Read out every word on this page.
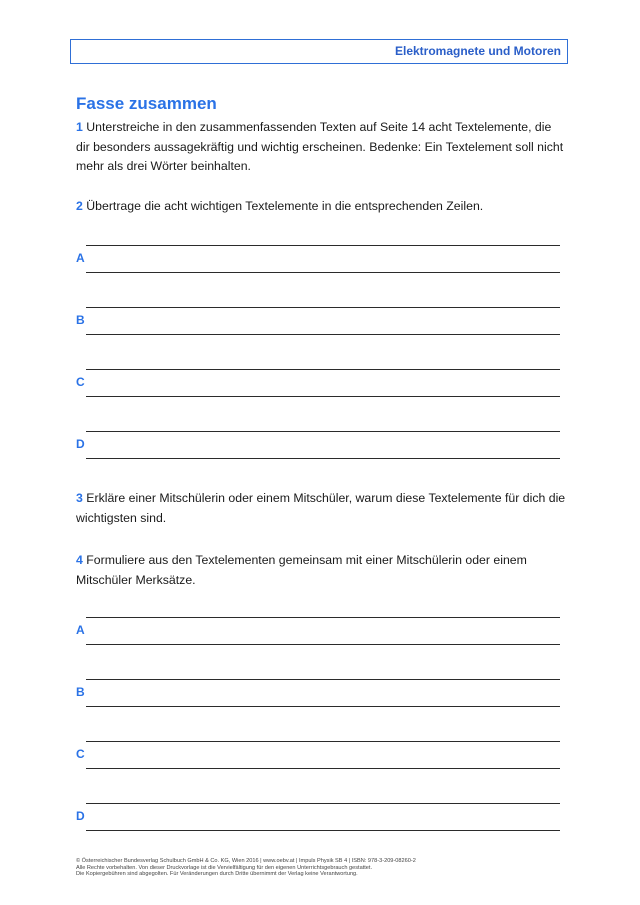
Elektromagnete und Motoren
Fasse zusammen
1 Unterstreiche in den zusammenfassenden Texten auf Seite 14 acht Textelemente, die dir besonders aussagekräftig und wichtig erscheinen. Bedenke: Ein Textelement soll nicht mehr als drei Wörter beinhalten.
2 Übertrage die acht wichtigen Textelemente in die entsprechenden Zeilen.
A
B
C
D
3 Erkläre einer Mitschülerin oder einem Mitschüler, warum diese Textelemente für dich die wichtigsten sind.
4 Formuliere aus den Textelementen gemeinsam mit einer Mitschülerin oder einem Mitschüler Merksätze.
A
B
C
D
© Österreichischer Bundesverlag Schulbuch GmbH & Co. KG, Wien 2016 | www.oebv.at | Impuls Physik SB 4 | ISBN: 978-3-209-08260-2
Alle Rechte vorbehalten. Von dieser Druckvorlage ist die Vervielfältigung für den eigenen Unterrichtsgebrauch gestattet.
Die Kopiergebühren sind abgegolten. Für Veränderungen durch Dritte übernimmt der Verlag keine Verantwortung.
